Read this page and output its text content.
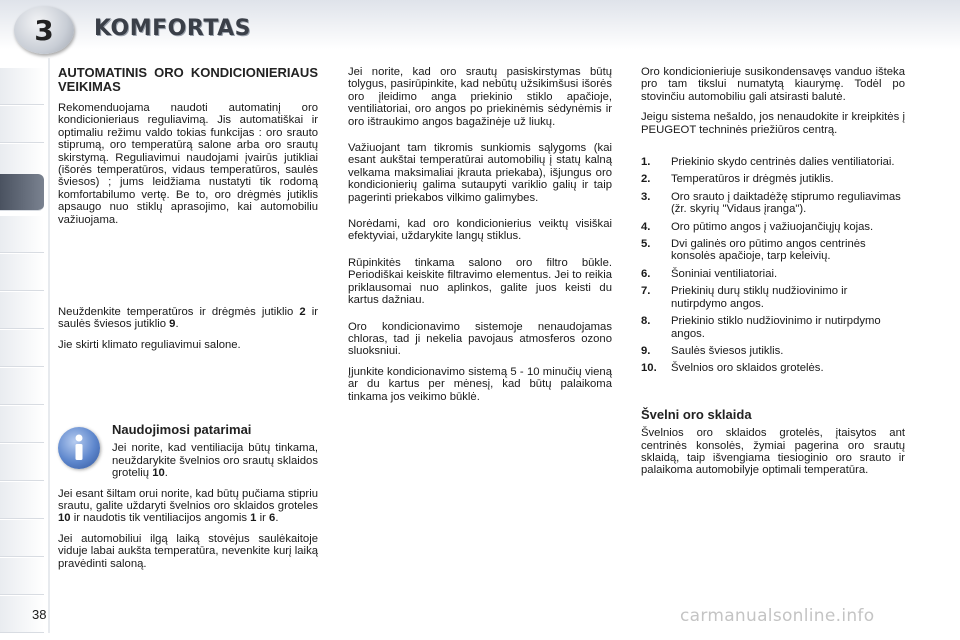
3 KOMFORTAS
AUTOMATINIS ORO KONDICIONIERIAUS VEIKIMAS

Rekomenduojama naudoti automatinį oro kondicionieriaus reguliavimą. Jis automatiškai ir optimaliu režimu valdo tokias funkcijas : oro srauto stiprumą, oro temperatūrą salone arba oro srautų skirstymą. Reguliavimui naudojami įvairūs jutikliai (išorės temperatūros, vidaus temperatūros, saulės šviesos) ; jums leidžiama nustatyti tik rodomą komfortabilumo vertę. Be to, oro drėgmės jutiklis apsaugo nuo stiklų aprasojimo, kai automobiliu važiuojama.

Neuždenkite temperatūros ir drėgmės jutiklio 2 ir saulės šviesos jutiklio 9.

Jie skirti klimato reguliavimui salone.

Naudojimosi patarimai

Jei norite, kad ventiliacija būtų tinkama, neuždarykite švelnios oro srautų sklaidos grotelių 10.

Jei esant šiltam orui norite, kad būtų pučiama stipriu srautu, galite uždaryti švelnios oro sklaidos groteles 10 ir naudotis tik ventiliacijos angomis 1 ir 6.

Jei automobiliui ilgą laiką stovėjus saulėkaitoje viduje labai aukšta temperatūra, nevenkite kurį laiką pravėdinti saloną.

Jei norite, kad oro srautų pasiskirstymas būtų tolygus, pasirūpinkite, kad nebūtų užsikimšusi išorės oro įleidimo anga priekinio stiklo apačioje, ventiliatoriai, oro angos po priekinėmis sėdynėmis ir oro ištraukimo angos bagažinėje už liukų.

Važiuojant tam tikromis sunkiomis sąlygoms (kai esant aukštai temperatūrai automobilių į statų kalną velkama maksimaliai įkrauta priekaba), išjungus oro kondicionierių galima sutaupyti variklio galių ir taip pagerinti priekabos vilkimo galimybes.

Norėdami, kad oro kondicionierius veiktų visiškai efektyviai, uždarykite langų stiklus.

Rūpinkitės tinkama salono oro filtro būkle. Periodiškai keiskite filtravimo elementus. Jei to reikia priklausomai nuo aplinkos, galite juos keisti du kartus dažniau.

Oro kondicionavimo sistemoje nenaudojamas chloras, tad ji nekelia pavojaus atmosferos ozono sluoksniui.

Įjunkite kondicionavimo sistemą 5 - 10 minučių vieną ar du kartus per mėnesį, kad būtų palaikoma tinkama jos veikimo būklė.

Oro kondicionieriuje susikondensavęs vanduo išteka pro tam tikslui numatytą kiaurymę. Todėl po stovinčiu automobiliu gali atsirasti balutė.

Jeigu sistema nešaldo, jos nenaudokite ir kreipkitės į PEUGEOT techninės priežiūros centrą.

1.	Priekinio skydo centrinės dalies ventiliatoriai.
2.	Temperatūros ir drėgmės jutiklis.
3.	Oro srauto į daiktadėžę stiprumo reguliavimas (žr. skyrių "Vidaus įranga").
4.	Oro pūtimo angos į važiuojančiųjų kojas.
5.	Dvi galinės oro pūtimo angos centrinės konsolės apačioje, tarp keleivių.
6.	Šoniniai ventiliatoriai.
7.	Priekinių durų stiklų nudžiovinimo ir nutirpdymo angos.
8.	Priekinio stiklo nudžiovinimo ir nutirpdymo angos.
9.	Saulės šviesos jutiklis.
10.	Švelnios oro sklaidos grotelės.
Švelni oro sklaida

Švelnios oro sklaidos grotelės, įtaisytos ant centrinės konsolės, žymiai pagerina oro srautų sklaidą, taip išvengiama tiesioginio oro srauto ir palaikoma automobilyje optimali temperatūra.

38	carmanualsonline.info
